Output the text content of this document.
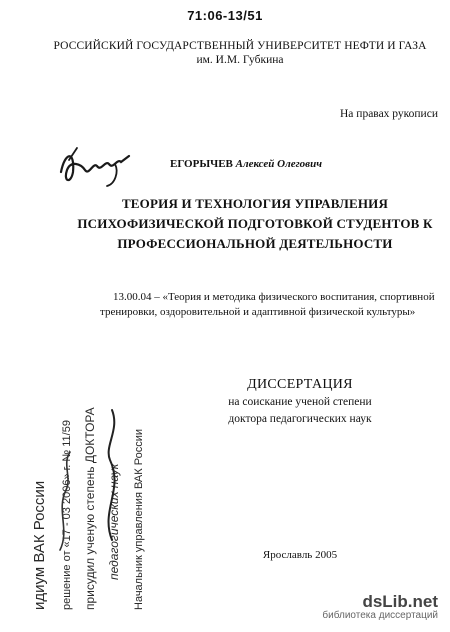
71:06-13/51
РОССИЙСКИЙ ГОСУДАРСТВЕННЫЙ УНИВЕРСИТЕТ НЕФТИ И ГАЗА
им. И.М. Губкина
На правах рукописи
ЕГОРЫЧЕВ Алексей Олегович
ТЕОРИЯ И ТЕХНОЛОГИЯ УПРАВЛЕНИЯ
ПСИХОФИЗИЧЕСКОЙ ПОДГОТОВКОЙ СТУДЕНТОВ К
ПРОФЕССИОНАЛЬНОЙ ДЕЯТЕЛЬНОСТИ
13.00.04 – «Теория и методика физического воспитания, спортивной
тренировки, оздоровительной и адаптивной физической культуры»
ДИССЕРТАЦИЯ
на соискание ученой степени
доктора педагогических наук
Ярославль 2005
идиум ВАК России решение от «17 - 03 2006» г. № 11/59 присудил ученую степень ДОКТОРА педагогических наук Начальник управления ВАК России	dsLib.net
библиотека диссертаций
